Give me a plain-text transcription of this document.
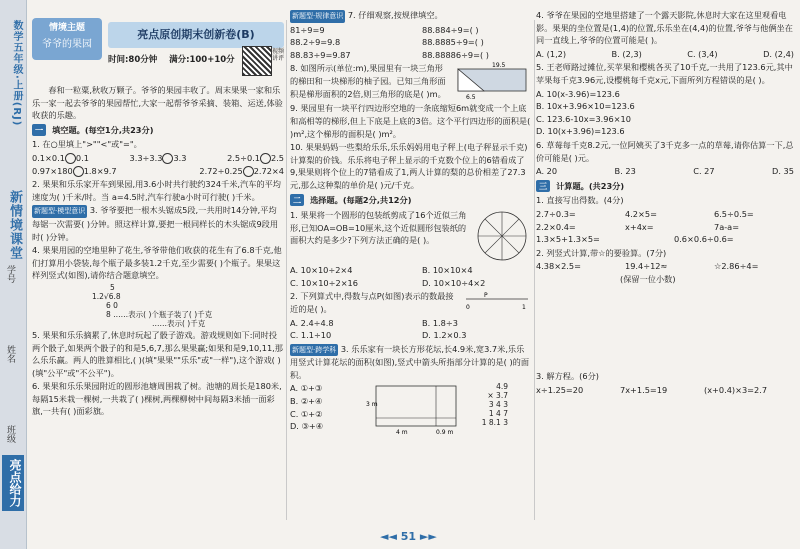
数学五年级·上册(RJ)
新情境课堂
学号
姓名
班级
亮点给力
情境主题
爷爷的果园
亮点原创期末创新卷(B)
时间:80分钟 满分:100+10分
视频讲评
春和一粒粟,秋收万颗子。爷爷的果园丰收了。周末果果一家和乐乐一家一起去爷爷的果园帮忙,大家一起帮爷爷采摘、装箱、运送,体验收获的乐趣。
一 填空题。(每空1分,共23分)
1. 在○里填上">""<"或"="。
0.1×0.1 0.1	3.3÷3.3 3.3	2.5÷0.1 2.5
0.97×180 1.8×9.7	2.72÷0.25 2.72×4
2. 果果和乐乐家开车到果园,用3.6小时共行驶约324千米,汽车的平均速度为( )千米/时。当 a=4.5时,汽车行驶a小时可行驶( )千米。
新题型·模型意识 3. 爷爷要把一根木头锯成5段,一共用时14分钟,平均每锯一次需要( )分钟。照这样计算,要把一根同样长的木头锯成9段用时( )分钟。
4. 果果用园的空地里种了花生,爷爷带他们收获的花生有了6.8千克,他们打算用小袋装,每个瓶子最多装1.2千克,至少需要( )个瓶子。果果这样列竖式(如图),请你结合题意填空。
5
1.2√6.8
6 0
8 ……表示( )个瓶子装了( )千克
……表示( )千克
5. 果果和乐乐摘累了,休息时玩起了骰子游戏。游戏规则如下:同时投两个骰子,如果两个骰子的和是5,6,7,那么果果赢;如果和是9,10,11,那么乐乐赢。两人的胜算相比,( )(填"果果""乐乐"或"一样"),这个游戏( )(填"公平"或"不公平")。
6. 果果和乐乐果园附近的圆形池塘周围栽了树。池塘的周长是180米,每隔15米栽一棵树,一共栽了( )棵树,两棵柳树中间每隔3米插一面彩旗,一共有( )面彩旗。
新题型·规律意识 7. 仔细观察,按规律填空。
81÷9=9	88.884÷9=( )
88.2÷9=9.8	88.8885÷9=( )
88.83÷9=9.87	88.88886÷9=( )
8. 如图所示(单位:m),果园里有一块三角形的梯田和一块梯形的柚子园。已知三角形面积是梯形面积的2倍,则三角形的底是( )m。
19.5
6.5
9. 果园里有一块平行四边形空地的一条底缩短6m就变成一个上底和高相等的梯形,但上下底是上底的3倍。这个平行四边形的面积是( )m²,这个梯形的面积是( )m²。
10. 果果妈妈一些梨给乐乐,乐乐妈妈用电子秤上(电子秤显示千克)计算梨的价钱。乐乐将电子秤上显示的千克数个位上的6错看成了9,果果则将个位上的7错看成了1,两人计算的梨的总价相差了27.3元,那么这种梨的单价是( )元/千克。
二 选择题。(每题2分,共12分)
1. 果果将一个圆形的包装纸剪成了16个近似三角形,已知OA=OB=10厘米,这个近似圆形包装纸的面积大约是多少?下列方法正确的是( )。
A. 10×10÷2×4	B. 10×10×4
C. 10×10÷2×16	D. 10×10÷4×2
2. 下列算式中,得数与点P(如图)表示的数最接近的是( )。	0
P
1
A. 2.4÷4.8	B. 1.8÷3
C. 1.1÷10	D. 1.2×0.3
新题型·跨学科 3. 乐乐家有一块长方形花坛,长4.9米,宽3.7米,乐乐用竖式计算花坛的面积(如图),竖式中箭头所指部分计算的是( )的面积。
A. ①+③
B. ②+④
C. ①+②
D. ③+④
3 m
4 m	0.9 m
4.9
× 3.7
3 4 3
1 4 7
1 8.1 3
4. 爷爷在果园的空地里搭建了一个露天影院,休息时大家在这里观看电影。果果的坐位置是(1,4)的位置,乐乐坐在(4,4)的位置,爷爷与他俩坐在同一直线上,爷爷的位置可能是( )。
A. (1,2)	B. (2,3)	C. (3,4)	D. (2,4)
5. 王老师路过摊位,买苹果和樱桃各买了10千克,一共用了123.6元,其中苹果每千克3.96元,设樱桃每千克x元,下面所列方程错误的是( )。
A. 10(x-3.96)=123.6
B. 10x+3.96×10=123.6
C. 123.6-10x=3.96×10
D. 10(x+3.96)=123.6
6. 草莓每千克8.2元,一位阿姨买了3千克多一点的草莓,请你估算一下,总价可能是( )元。
A. 20	B. 23	C. 27	D. 35
三 计算题。(共23分)
1. 直接写出得数。(4分)
2.7÷0.3=	4.2×5=	6.5÷0.5=
2.2×0.4=	x+4x=	7a-a=
1.3×5+1.3×5=	0.6×0.6÷0.6=
2. 列竖式计算,带☆的要验算。(7分)
4.38×2.5=	19.4÷12≈	☆2.86÷4=
(保留一位小数)
3. 解方程。(6分)
x÷1.25=20	7x+1.5=19	(x+0.4)×3=2.7
◄◄ 51 ►►
